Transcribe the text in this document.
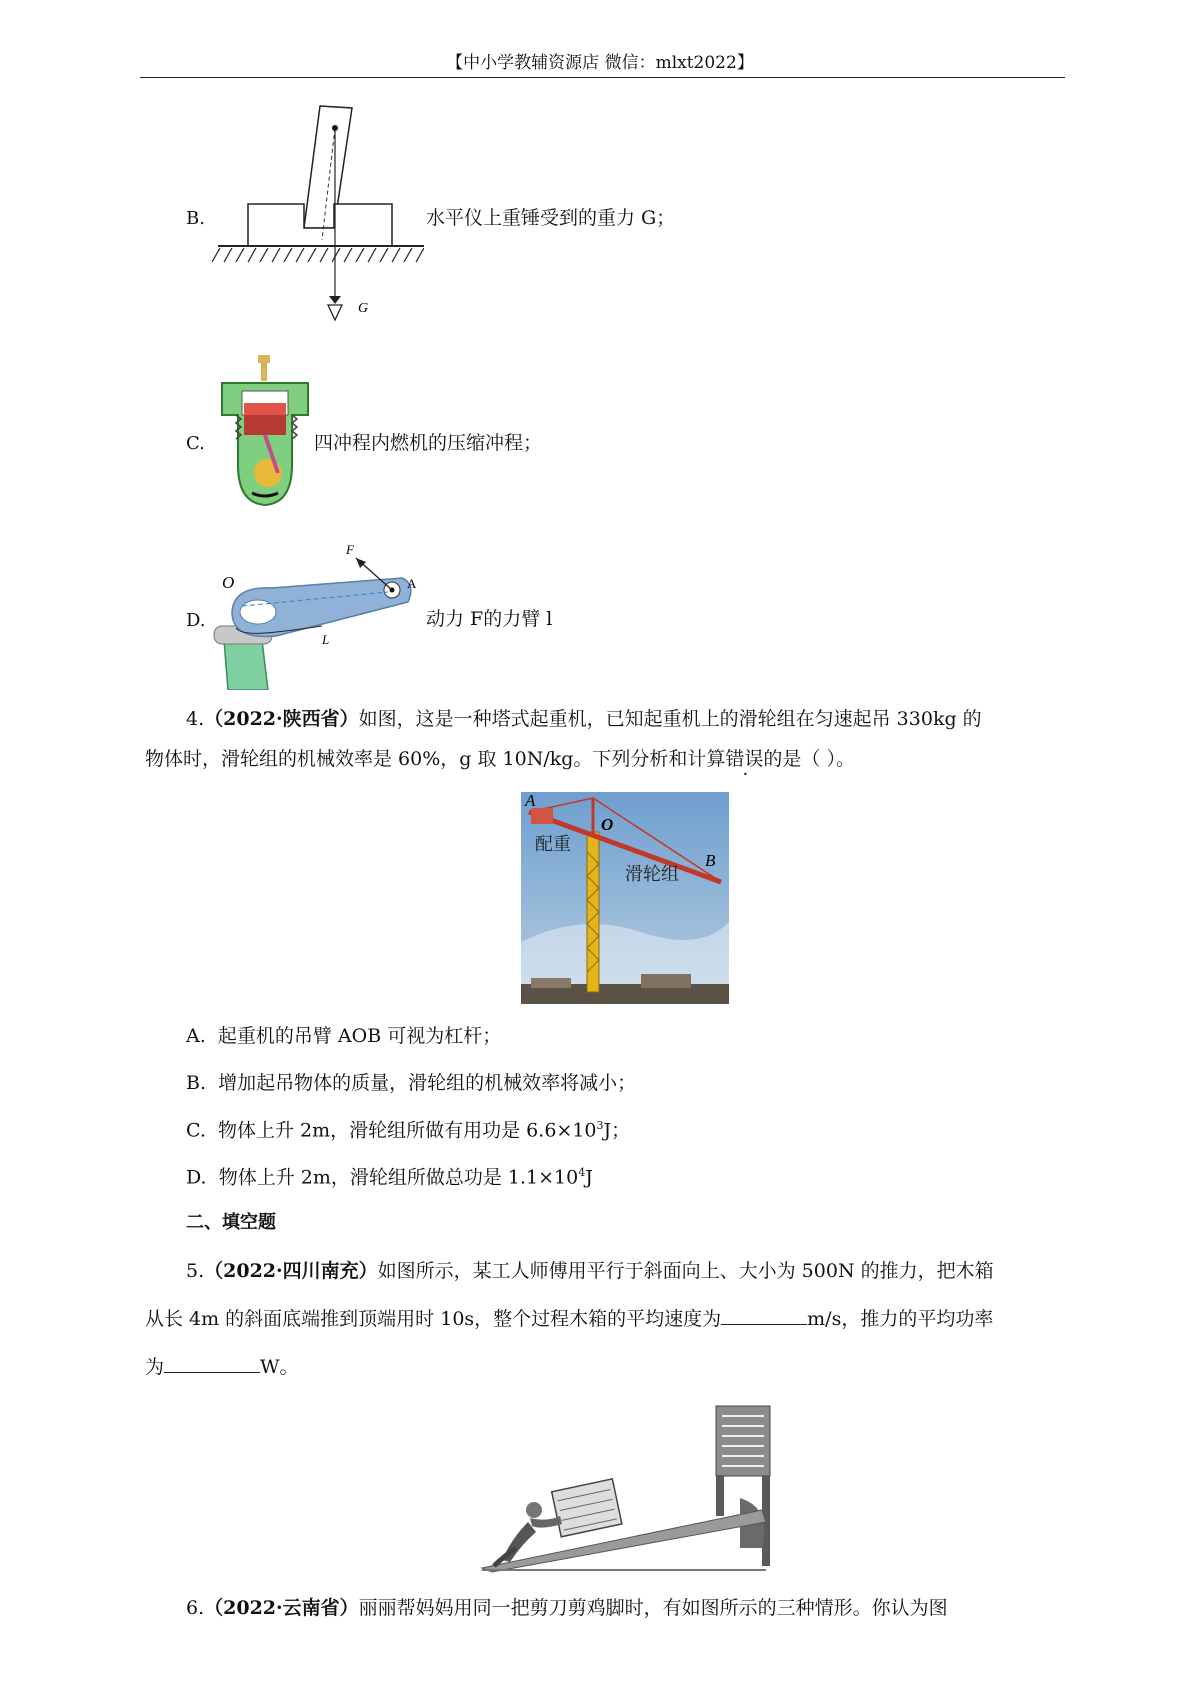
【中小学教辅资源店 微信：mlxt2022】
B.
G
水平仪上重锤受到的重力 G；
C.	四冲程内燃机的压缩冲程；
D.
O	A
F
L
动力 F的力臂 l
4.（2022·陕西省）如图，这是一种塔式起重机，已知起重机上的滑轮组在匀速起吊 330kg 的
物体时，滑轮组的机械效率是 60%，g 取 10N/kg。下列分析和计算错误的是（ ）。
A
O
B
配重
滑轮组
A. 起重机的吊臂 AOB 可视为杠杆；
B. 增加起吊物体的质量，滑轮组的机械效率将减小；
C. 物体上升 2m，滑轮组所做有用功是 $6.6\times 10^3J$；
D. 物体上升 2m，滑轮组所做总功是 $1.1\times 10^4J$
二、填空题
5.（2022·四川南充）如图所示，某工人师傅用平行于斜面向上、大小为 500N 的推力，把木箱
从长 4m 的斜面底端推到顶端用时 10s，整个过程木箱的平均速度为	m/s，推力的平均功率
为	W。
6.（2022·云南省）丽丽帮妈妈用同一把剪刀剪鸡脚时，有如图所示的三种情形。你认为图
